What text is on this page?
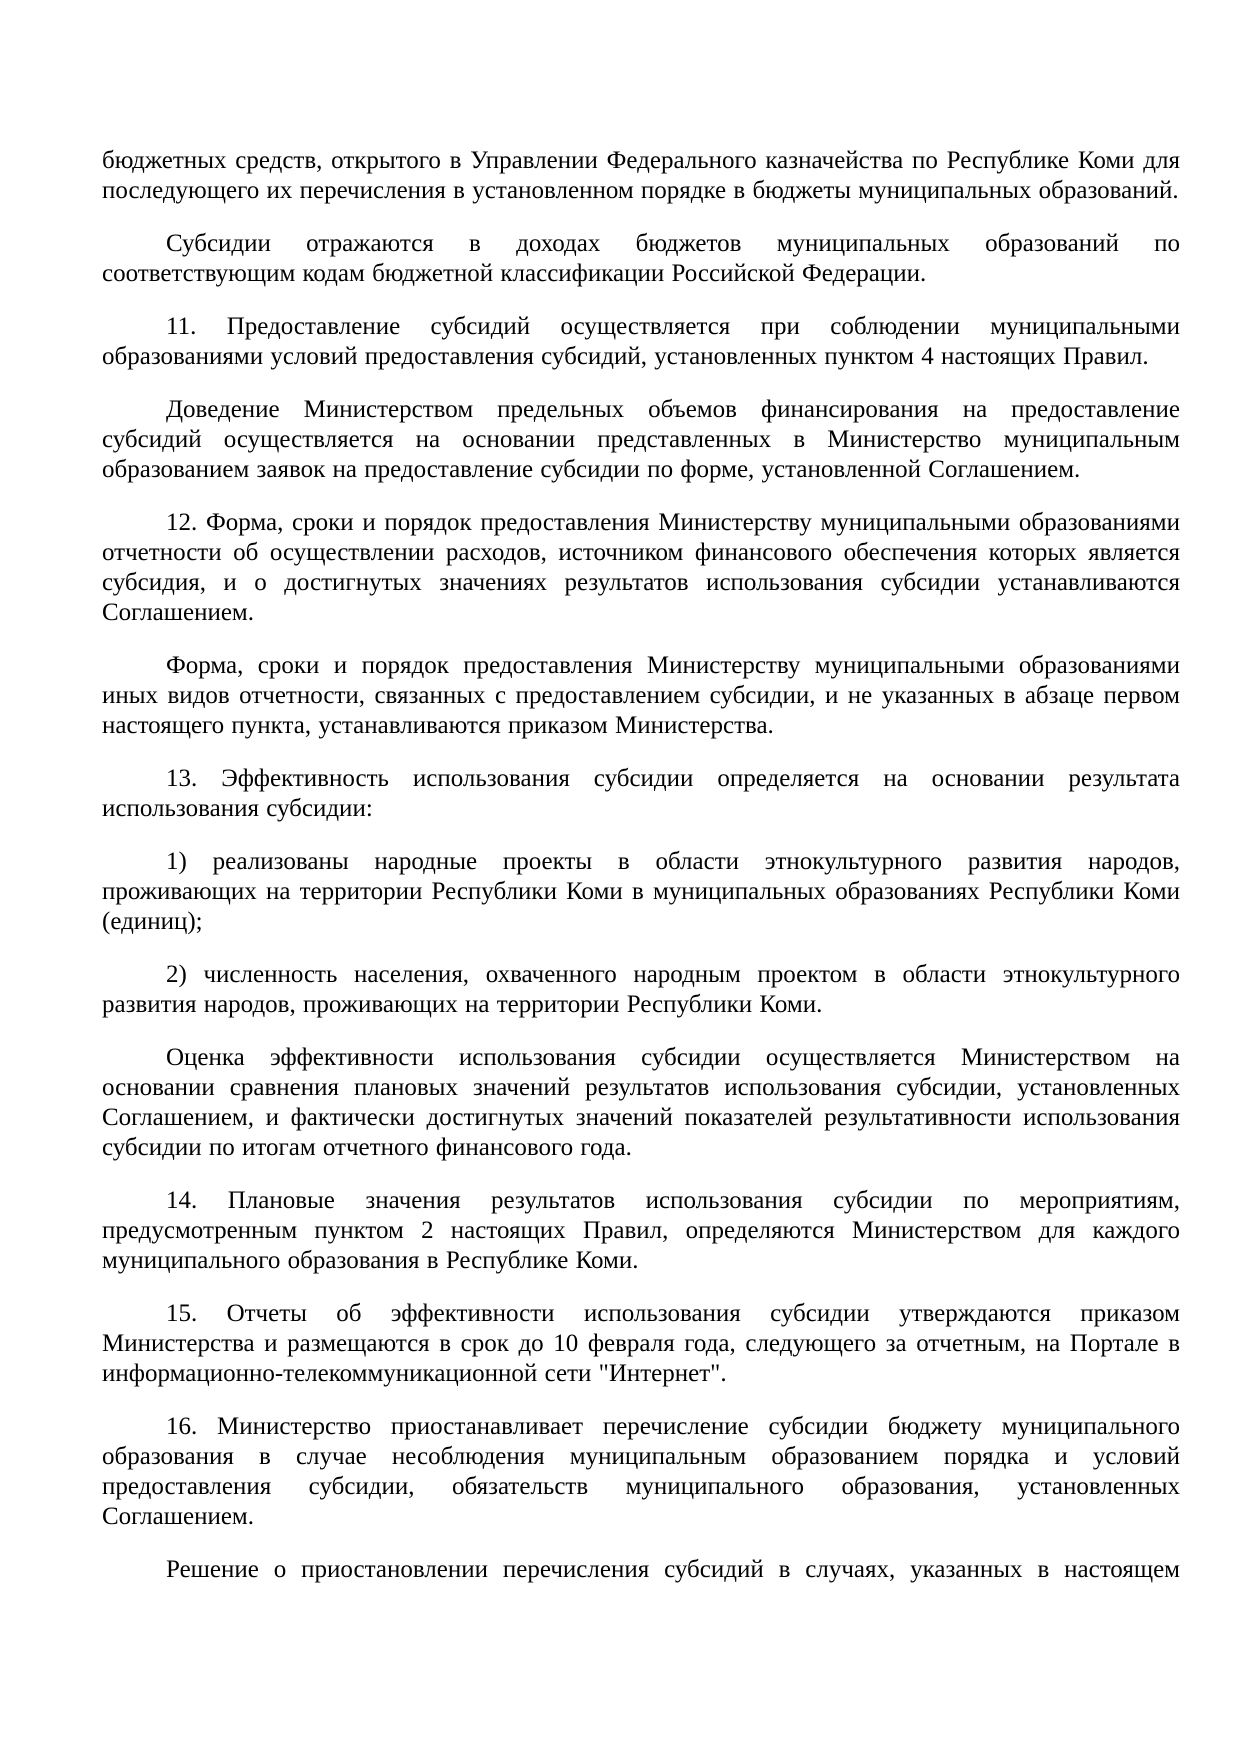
бюджетных средств, открытого в Управлении Федерального казначейства по Республике Коми для последующего их перечисления в установленном порядке в бюджеты муниципальных образований.

Субсидии отражаются в доходах бюджетов муниципальных образований по соответствующим кодам бюджетной классификации Российской Федерации.

11. Предоставление субсидий осуществляется при соблюдении муниципальными образованиями условий предоставления субсидий, установленных пунктом 4 настоящих Правил.

Доведение Министерством предельных объемов финансирования на предоставление субсидий осуществляется на основании представленных в Министерство муниципальным образованием заявок на предоставление субсидии по форме, установленной Соглашением.

12. Форма, сроки и порядок предоставления Министерству муниципальными образованиями отчетности об осуществлении расходов, источником финансового обеспечения которых является субсидия, и о достигнутых значениях результатов использования субсидии устанавливаются Соглашением.

Форма, сроки и порядок предоставления Министерству муниципальными образованиями иных видов отчетности, связанных с предоставлением субсидии, и не указанных в абзаце первом настоящего пункта, устанавливаются приказом Министерства.

13. Эффективность использования субсидии определяется на основании результата использования субсидии:

1) реализованы народные проекты в области этнокультурного развития народов, проживающих на территории Республики Коми в муниципальных образованиях Республики Коми (единиц);

2) численность населения, охваченного народным проектом в области этнокультурного развития народов, проживающих на территории Республики Коми.

Оценка эффективности использования субсидии осуществляется Министерством на основании сравнения плановых значений результатов использования субсидии, установленных Соглашением, и фактически достигнутых значений показателей результативности использования субсидии по итогам отчетного финансового года.

14. Плановые значения результатов использования субсидии по мероприятиям, предусмотренным пунктом 2 настоящих Правил, определяются Министерством для каждого муниципального образования в Республике Коми.

15. Отчеты об эффективности использования субсидии утверждаются приказом Министерства и размещаются в срок до 10 февраля года, следующего за отчетным, на Портале в информационно-телекоммуникационной сети "Интернет".

16. Министерство приостанавливает перечисление субсидии бюджету муниципального образования в случае несоблюдения муниципальным образованием порядка и условий предоставления субсидии, обязательств муниципального образования, установленных Соглашением.

Решение о приостановлении перечисления субсидий в случаях, указанных в настоящем
